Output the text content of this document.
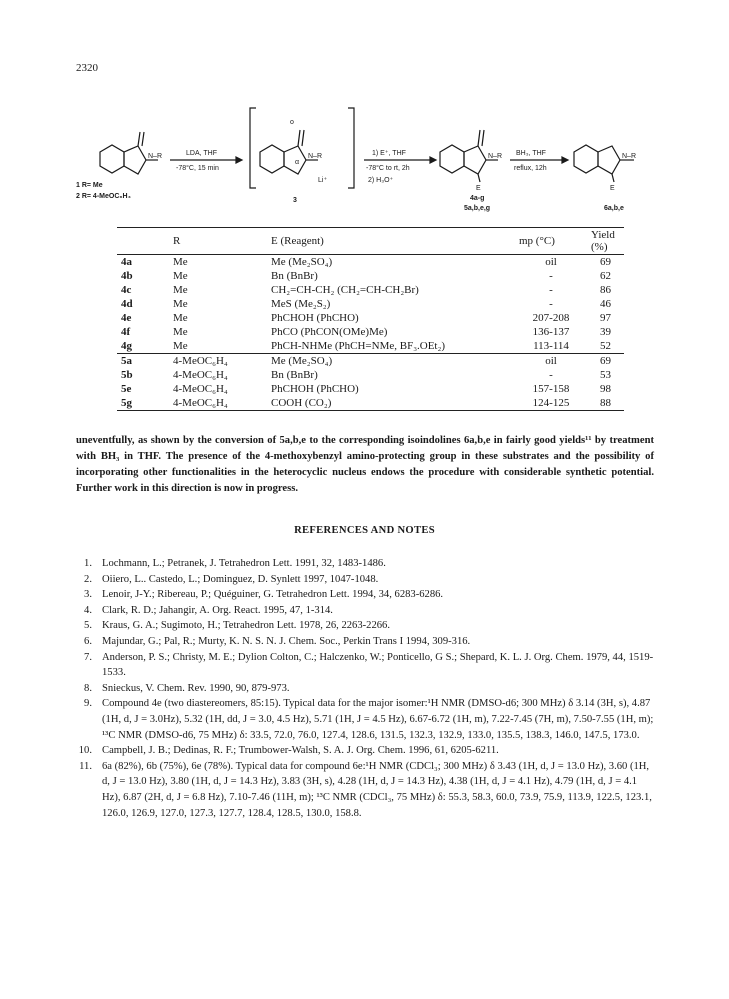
2320
LDA, THF
-78°C, 15 min
N–R
o
α
N–R
Li⁺
3
1) E⁺, THF
-78°C to rt, 2h
2) H₃O⁺
N–R
E
4a-g
5a,b,e,g
BH₃, THF
reflux, 12h
N–R
E
6a,b,e
1 R= Me
2 R= 4-MeOC₆H₄
	R	E (Reagent)	mp (°C)	Yield (%)
4a	Me	Me (Me₂SO₄)	oil	69
4b	Me	Bn (BnBr)	-	62
4c	Me	CH₂=CH-CH₂ (CH₂=CH-CH₂Br)	-	86
4d	Me	MeS (Me₂S₂)	-	46
4e	Me	PhCHOH (PhCHO)	207-208	97
4f	Me	PhCO (PhCON(OMe)Me)	136-137	39
4g	Me	PhCH-NHMe (PhCH=NMe, BF₃.OEt₂)	113-114	52
5a	4-MeOC₆H₄	Me (Me₂SO₄)	oil	69
5b	4-MeOC₆H₄	Bn (BnBr)	-	53
5e	4-MeOC₆H₄	PhCHOH (PhCHO)	157-158	98
5g	4-MeOC₆H₄	COOH (CO₂)	124-125	88
uneventfully, as shown by the conversion of 5a,b,e to the corresponding isoindolines 6a,b,e in fairly good yields¹¹ by treatment with BH₃ in THF. The presence of the 4-methoxybenzyl amino-protecting group in these substrates and the possibility of incorporating other functionalities in the heterocyclic nucleus endows the procedure with considerable synthetic potential. Further work in this direction is now in progress.
REFERENCES AND NOTES
1. Lochmann, L.; Petranek, J. Tetrahedron Lett. 1991, 32, 1483-1486.
2. Oiiero, L.. Castedo, L.; Dominguez, D. Synlett 1997, 1047-1048.
3. Lenoir, J-Y.; Ribereau, P.; Quéguiner, G. Tetrahedron Lett. 1994, 34, 6283-6286.
4. Clark, R. D.; Jahangir, A. Org. React. 1995, 47, 1-314.
5. Kraus, G. A.; Sugimoto, H.; Tetrahedron Lett. 1978, 26, 2263-2266.
6. Majundar, G.; Pal, R.; Murty, K. N. S. N. J. Chem. Soc., Perkin Trans I 1994, 309-316.
7. Anderson, P. S.; Christy, M. E.; Dylion Colton, C.; Halczenko, W.; Ponticello, G S.; Shepard, K. L. J. Org. Chem. 1979, 44, 1519-1533.
8. Snieckus, V. Chem. Rev. 1990, 90, 879-973.
9. Compound 4e (two diastereomers, 85:15). Typical data for the major isomer:¹H NMR (DMSO-d6; 300 MHz) δ 3.14 (3H, s), 4.87 (1H, d, J = 3.0Hz), 5.32 (1H, dd, J = 3.0, 4.5 Hz), 5.71 (1H, J = 4.5 Hz), 6.67-6.72 (1H, m), 7.22-7.45 (7H, m), 7.50-7.55 (1H, m); ¹³C NMR (DMSO-d6, 75 MHz) δ: 33.5, 72.0, 76.0, 127.4, 128.6, 131.5, 132.3, 132.9, 133.0, 135.5, 138.3, 146.0, 147.5, 173.0.
10. Campbell, J. B.; Dedinas, R. F.; Trumbower-Walsh, S. A. J. Org. Chem. 1996, 61, 6205-6211.
11. 6a (82%), 6b (75%), 6e (78%). Typical data for compound 6e:¹H NMR (CDCl₃; 300 MHz) δ 3.43 (1H, d, J = 13.0 Hz), 3.60 (1H, d, J = 13.0 Hz), 3.80 (1H, d, J = 14.3 Hz), 3.83 (3H, s), 4.28 (1H, d, J = 14.3 Hz), 4.38 (1H, d, J = 4.1 Hz), 4.79 (1H, d, J = 4.1 Hz), 6.87 (2H, d, J = 6.8 Hz), 7.10-7.46 (11H, m); ¹³C NMR (CDCl₃, 75 MHz) δ: 55.3, 58.3, 60.0, 73.9, 75.9, 113.9, 122.5, 123.1, 126.0, 126.9, 127.0, 127.3, 127.7, 128.4, 128.5, 130.0, 158.8.
